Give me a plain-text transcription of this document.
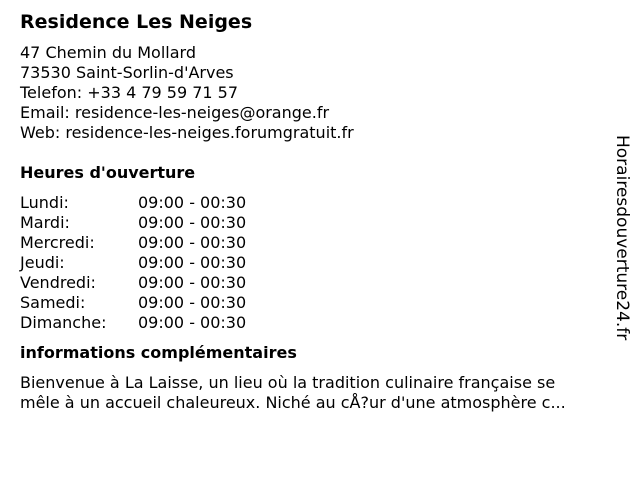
Residence Les Neiges
47 Chemin du Mollard
73530 Saint-Sorlin-d'Arves
Telefon: +33 4 79 59 71 57
Email: residence-les-neiges@orange.fr
Web: residence-les-neiges.forumgratuit.fr
Heures d'ouverture
Lundi:	09:00 - 00:30
Mardi:	09:00 - 00:30
Mercredi:	09:00 - 00:30
Jeudi:	09:00 - 00:30
Vendredi:	09:00 - 00:30
Samedi:	09:00 - 00:30
Dimanche:	09:00 - 00:30
informations complémentaires
Bienvenue à La Laisse, un lieu où la tradition culinaire française se
mêle à un accueil chaleureux. Niché au cÅ?ur d'une atmosphère c...
Horairesdouverture24.fr
